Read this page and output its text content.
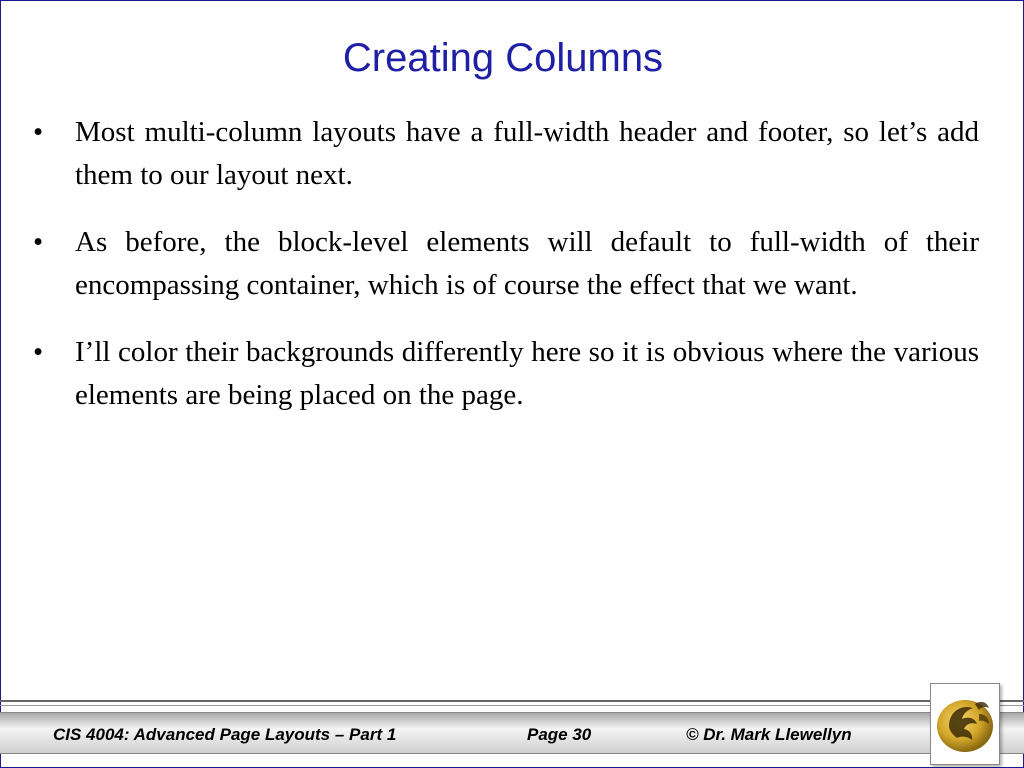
Creating Columns
•	Most multi-column layouts have a full-width header and footer, so let’s add them to our layout next.
•	As before, the block-level elements will default to full-width of their encompassing container, which is of course the effect that we want.
•	I’ll color their backgrounds differently here so it is obvious where the various elements are being placed on the page.
CIS 4004: Advanced Page Layouts – Part 1	Page 30	© Dr. Mark Llewellyn
